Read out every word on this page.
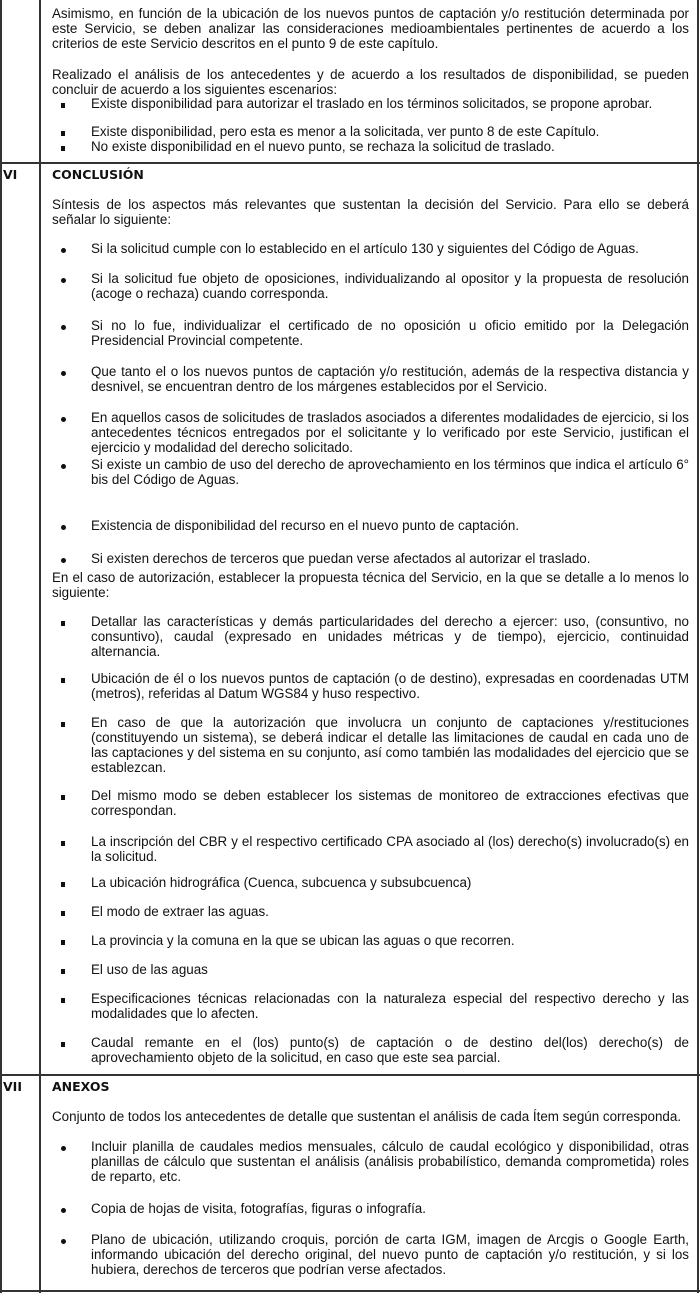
Asimismo, en función de la ubicación de los nuevos puntos de captación y/o restitución determinada por este Servicio, se deben analizar las consideraciones medioambientales pertinentes de acuerdo a los criterios de este Servicio descritos en el punto 9 de este capítulo.
Realizado el análisis de los antecedentes y de acuerdo a los resultados de disponibilidad, se pueden concluir de acuerdo a los siguientes escenarios:
Existe disponibilidad para autorizar el traslado en los términos solicitados, se propone aprobar.
Existe disponibilidad, pero esta es menor a la solicitada, ver punto 8 de este Capítulo.
No existe disponibilidad en el nuevo punto, se rechaza la solicitud de traslado.
VI	CONCLUSIÓN
Síntesis de los aspectos más relevantes que sustentan la decisión del Servicio. Para ello se deberá señalar lo siguiente:
Si la solicitud cumple con lo establecido en el artículo 130 y siguientes del Código de Aguas.
Si la solicitud fue objeto de oposiciones, individualizando al opositor y la propuesta de resolución (acoge o rechaza) cuando corresponda.
Si no lo fue, individualizar el certificado de no oposición u oficio emitido por la Delegación Presidencial Provincial competente.
Que tanto el o los nuevos puntos de captación y/o restitución, además de la respectiva distancia y desnivel, se encuentran dentro de los márgenes establecidos por el Servicio.
En aquellos casos de solicitudes de traslados asociados a diferentes modalidades de ejercicio, si los antecedentes técnicos entregados por el solicitante y lo verificado por este Servicio, justifican el ejercicio y modalidad del derecho solicitado.
Si existe un cambio de uso del derecho de aprovechamiento en los términos que indica el artículo 6° bis del Código de Aguas.
Existencia de disponibilidad del recurso en el nuevo punto de captación.
Si existen derechos de terceros que puedan verse afectados al autorizar el traslado.
En el caso de autorización, establecer la propuesta técnica del Servicio, en la que se detalle a lo menos lo siguiente:
Detallar las características y demás particularidades del derecho a ejercer: uso, (consuntivo, no consuntivo), caudal (expresado en unidades métricas y de tiempo), ejercicio, continuidad alternancia.
Ubicación de él o los nuevos puntos de captación (o de destino), expresadas en coordenadas UTM (metros), referidas al Datum WGS84 y huso respectivo.
En caso de que la autorización que involucra un conjunto de captaciones y/restituciones (constituyendo un sistema), se deberá indicar el detalle las limitaciones de caudal en cada uno de las captaciones y del sistema en su conjunto, así como también las modalidades del ejercicio que se establezcan.
Del mismo modo se deben establecer los sistemas de monitoreo de extracciones efectivas que correspondan.
La inscripción del CBR y el respectivo certificado CPA asociado al (los) derecho(s) involucrado(s) en la solicitud.
La ubicación hidrográfica (Cuenca, subcuenca y subsubcuenca)
El modo de extraer las aguas.
La provincia y la comuna en la que se ubican las aguas o que recorren.
El uso de las aguas
Especificaciones técnicas relacionadas con la naturaleza especial del respectivo derecho y las modalidades que lo afecten.
Caudal remante en el (los) punto(s) de captación o de destino del(los) derecho(s) de aprovechamiento objeto de la solicitud, en caso que este sea parcial.
VII ANEXOS
Conjunto de todos los antecedentes de detalle que sustentan el análisis de cada Ítem según corresponda.
Incluir planilla de caudales medios mensuales, cálculo de caudal ecológico y disponibilidad, otras planillas de cálculo que sustentan el análisis (análisis probabilístico, demanda comprometida) roles de reparto, etc.
Copia de hojas de visita, fotografías, figuras o infografía.
Plano de ubicación, utilizando croquis, porción de carta IGM, imagen de Arcgis o Google Earth, informando ubicación del derecho original, del nuevo punto de captación y/o restitución, y si los hubiera, derechos de terceros que podrían verse afectados.
